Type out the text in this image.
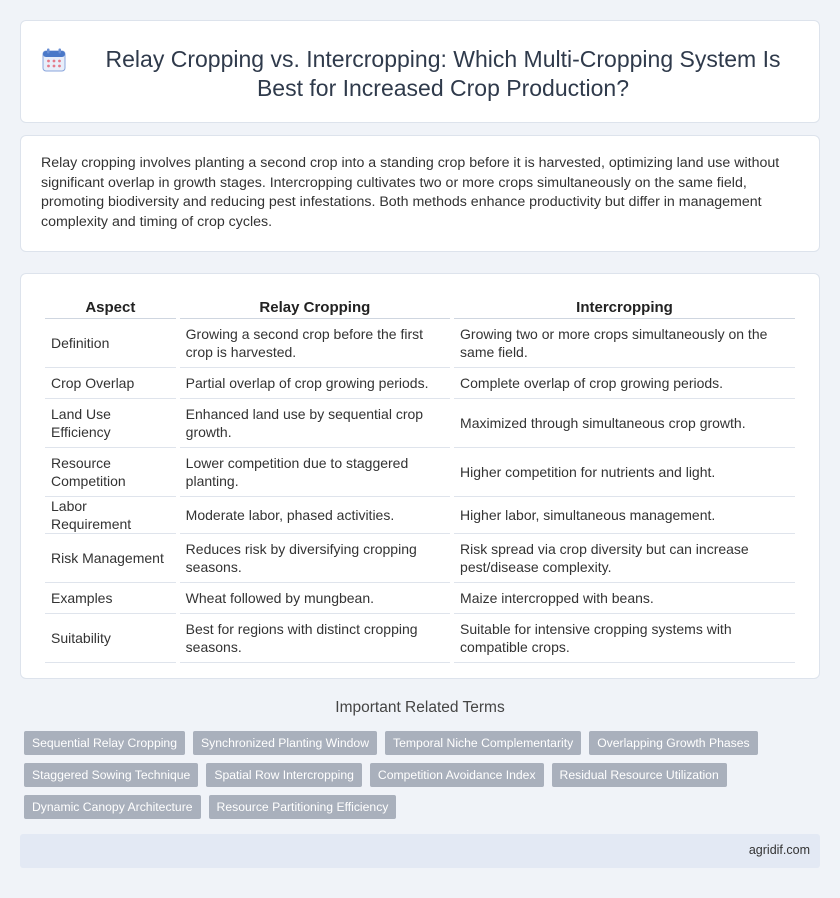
Relay Cropping vs. Intercropping: Which Multi-Cropping System Is Best for Increased Crop Production?

Relay cropping involves planting a second crop into a standing crop before it is harvested, optimizing land use without significant overlap in growth stages. Intercropping cultivates two or more crops simultaneously on the same field, promoting biodiversity and reducing pest infestations. Both methods enhance productivity but differ in management complexity and timing of crop cycles.

Aspect	Relay Cropping	Intercropping
Definition	Growing a second crop before the first crop is harvested.	Growing two or more crops simultaneously on the same field.
Crop Overlap	Partial overlap of crop growing periods.	Complete overlap of crop growing periods.
Land Use Efficiency	Enhanced land use by sequential crop growth.	Maximized through simultaneous crop growth.
Resource Competition	Lower competition due to staggered planting.	Higher competition for nutrients and light.
Labor Requirement	Moderate labor, phased activities.	Higher labor, simultaneous management.
Risk Management	Reduces risk by diversifying cropping seasons.	Risk spread via crop diversity but can increase pest/disease complexity.
Examples	Wheat followed by mungbean.	Maize intercropped with beans.
Suitability	Best for regions with distinct cropping seasons.	Suitable for intensive cropping systems with compatible crops.
Important Related Terms
Sequential Relay Cropping	Synchronized Planting Window	Temporal Niche Complementarity	Overlapping Growth Phases
Staggered Sowing Technique	Spatial Row Intercropping	Competition Avoidance Index	Residual Resource Utilization
Dynamic Canopy Architecture	Resource Partitioning Efficiency
agridif.com
